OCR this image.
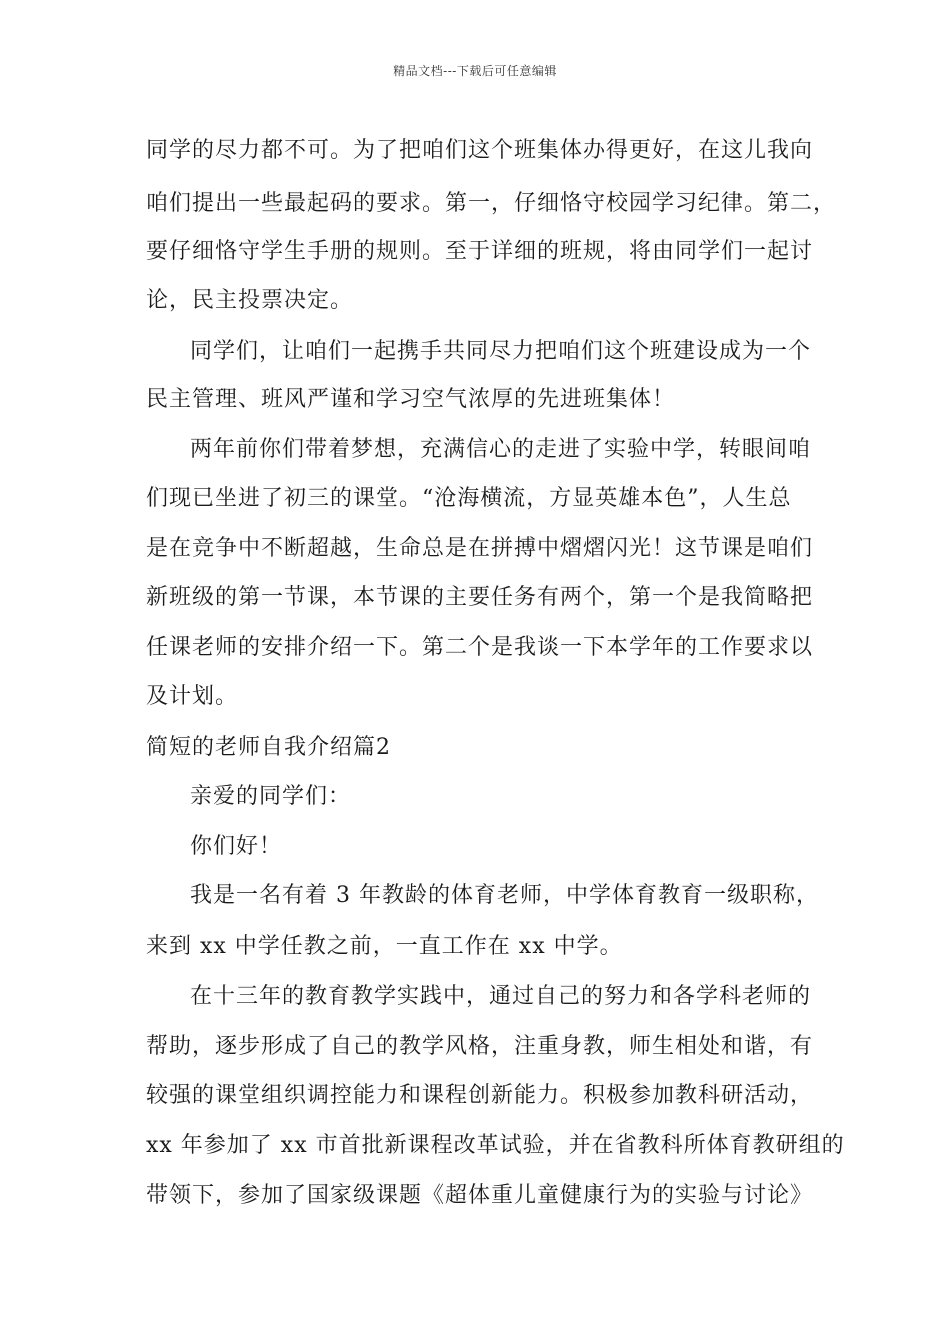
精品文档---下载后可任意编辑
同学的尽力都不可。为了把咱们这个班集体办得更好，在这儿我向
咱们提出一些最起码的要求。第一，仔细恪守校园学习纪律。第二，
要仔细恪守学生手册的规则。至于详细的班规，将由同学们一起讨
论，民主投票决定。
同学们，让咱们一起携手共同尽力把咱们这个班建设成为一个
民主管理、班风严谨和学习空气浓厚的先进班集体！
两年前你们带着梦想，充满信心的走进了实验中学，转眼间咱
们现已坐进了初三的课堂。“沧海横流，方显英雄本色”，人生总
是在竞争中不断超越，生命总是在拼搏中熠熠闪光！这节课是咱们
新班级的第一节课，本节课的主要任务有两个，第一个是我简略把
任课老师的安排介绍一下。第二个是我谈一下本学年的工作要求以
及计划。
简短的老师自我介绍篇2
亲爱的同学们：
你们好！
我是一名有着 3 年教龄的体育老师，中学体育教育一级职称，
来到 xx 中学任教之前，一直工作在 xx 中学。
在十三年的教育教学实践中，通过自己的努力和各学科老师的
帮助，逐步形成了自己的教学风格，注重身教，师生相处和谐，有
较强的课堂组织调控能力和课程创新能力。积极参加教科研活动，
xx 年参加了 xx 市首批新课程改革试验，并在省教科所体育教研组的
带领下，参加了国家级课题《超体重儿童健康行为的实验与讨论》
